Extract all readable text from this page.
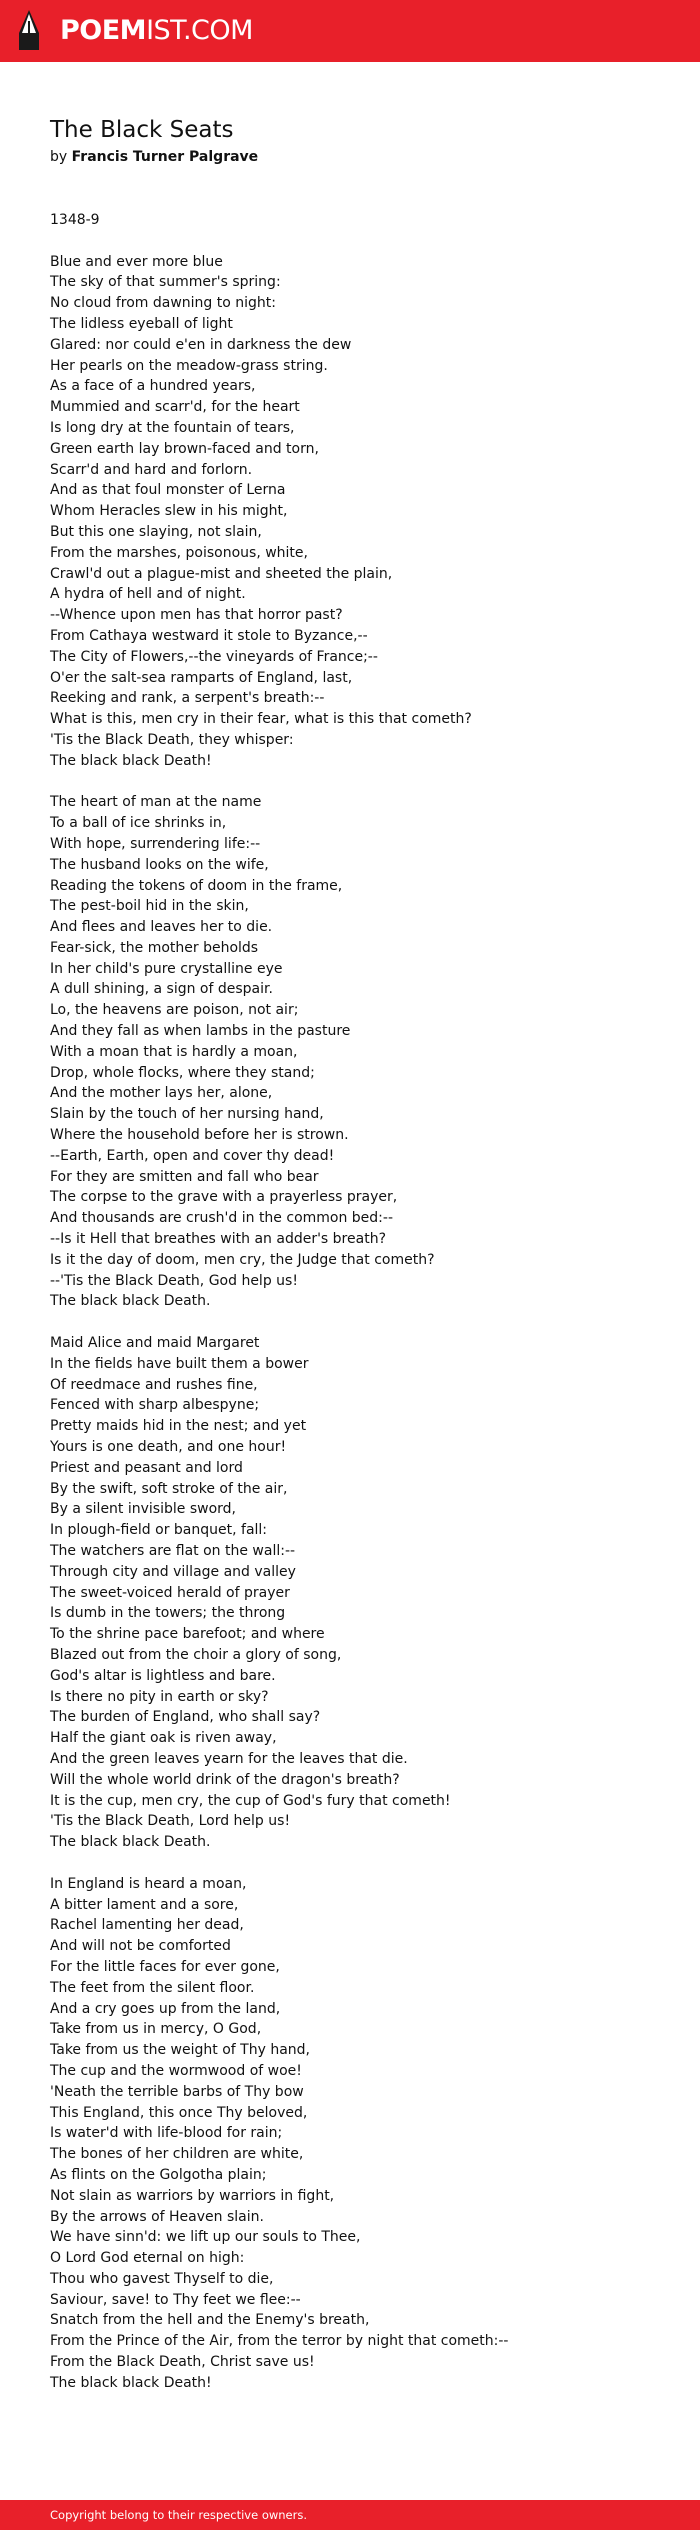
POEMIST.COM
The Black Seats

by Francis Turner Palgrave

1348-9
Blue and ever more blue
The sky of that summer's spring:
No cloud from dawning to night:
The lidless eyeball of light
Glared: nor could e'en in darkness the dew
Her pearls on the meadow-grass string.
As a face of a hundred years,
Mummied and scarr'd, for the heart
Is long dry at the fountain of tears,
Green earth lay brown-faced and torn,
Scarr'd and hard and forlorn.
And as that foul monster of Lerna
Whom Heracles slew in his might,
But this one slaying, not slain,
From the marshes, poisonous, white,
Crawl'd out a plague-mist and sheeted the plain,
A hydra of hell and of night.
--Whence upon men has that horror past?
From Cathaya westward it stole to Byzance,--
The City of Flowers,--the vineyards of France;--
O'er the salt-sea ramparts of England, last,
Reeking and rank, a serpent's breath:--
What is this, men cry in their fear, what is this that cometh?
'Tis the Black Death, they whisper:
The black black Death!
The heart of man at the name
To a ball of ice shrinks in,
With hope, surrendering life:--
The husband looks on the wife,
Reading the tokens of doom in the frame,
The pest-boil hid in the skin,
And flees and leaves her to die.
Fear-sick, the mother beholds
In her child's pure crystalline eye
A dull shining, a sign of despair.
Lo, the heavens are poison, not air;
And they fall as when lambs in the pasture
With a moan that is hardly a moan,
Drop, whole flocks, where they stand;
And the mother lays her, alone,
Slain by the touch of her nursing hand,
Where the household before her is strown.
--Earth, Earth, open and cover thy dead!
For they are smitten and fall who bear
The corpse to the grave with a prayerless prayer,
And thousands are crush'd in the common bed:--
--Is it Hell that breathes with an adder's breath?
Is it the day of doom, men cry, the Judge that cometh?
--'Tis the Black Death, God help us!
The black black Death.
Maid Alice and maid Margaret
In the fields have built them a bower
Of reedmace and rushes fine,
Fenced with sharp albespyne;
Pretty maids hid in the nest; and yet
Yours is one death, and one hour!
Priest and peasant and lord
By the swift, soft stroke of the air,
By a silent invisible sword,
In plough-field or banquet, fall:
The watchers are flat on the wall:--
Through city and village and valley
The sweet-voiced herald of prayer
Is dumb in the towers; the throng
To the shrine pace barefoot; and where
Blazed out from the choir a glory of song,
God's altar is lightless and bare.
Is there no pity in earth or sky?
The burden of England, who shall say?
Half the giant oak is riven away,
And the green leaves yearn for the leaves that die.
Will the whole world drink of the dragon's breath?
It is the cup, men cry, the cup of God's fury that cometh!
'Tis the Black Death, Lord help us!
The black black Death.
In England is heard a moan,
A bitter lament and a sore,
Rachel lamenting her dead,
And will not be comforted
For the little faces for ever gone,
The feet from the silent floor.
And a cry goes up from the land,
Take from us in mercy, O God,
Take from us the weight of Thy hand,
The cup and the wormwood of woe!
'Neath the terrible barbs of Thy bow
This England, this once Thy beloved,
Is water'd with life-blood for rain;
The bones of her children are white,
As flints on the Golgotha plain;
Not slain as warriors by warriors in fight,
By the arrows of Heaven slain.
We have sinn'd: we lift up our souls to Thee,
O Lord God eternal on high:
Thou who gavest Thyself to die,
Saviour, save! to Thy feet we flee:--
Snatch from the hell and the Enemy's breath,
From the Prince of the Air, from the terror by night that cometh:--
From the Black Death, Christ save us!
The black black Death!
Copyright belong to their respective owners.
